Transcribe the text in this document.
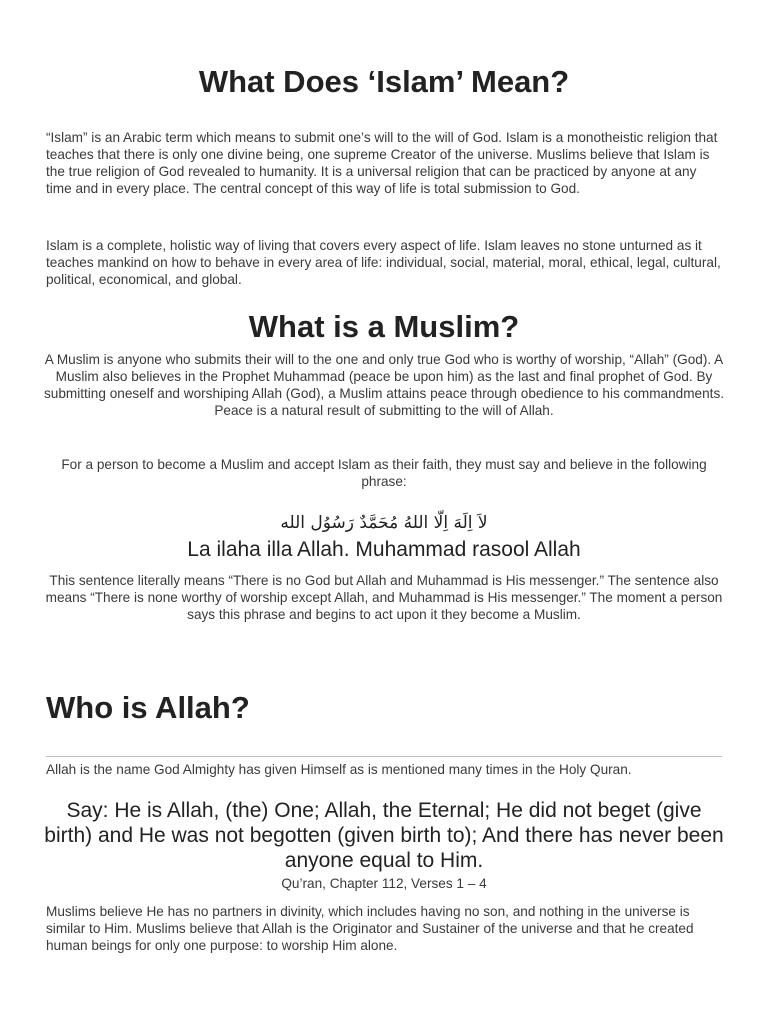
What Does ‘Islam’ Mean?

“Islam” is an Arabic term which means to submit one’s will to the will of God. Islam is a monotheistic religion that teaches that there is only one divine being, one supreme Creator of the universe. Muslims believe that Islam is the true religion of God revealed to humanity. It is a universal religion that can be practiced by anyone at any time and in every place. The central concept of this way of life is total submission to God.

Islam is a complete, holistic way of living that covers every aspect of life. Islam leaves no stone unturned as it teaches mankind on how to behave in every area of life: individual, social, material, moral, ethical, legal, cultural, political, economical, and global.

What is a Muslim?

A Muslim is anyone who submits their will to the one and only true God who is worthy of worship, “Allah” (God). A Muslim also believes in the Prophet Muhammad (peace be upon him) as the last and final prophet of God. By submitting oneself and worshiping Allah (God), a Muslim attains peace through obedience to his commandments. Peace is a natural result of submitting to the will of Allah.

For a person to become a Muslim and accept Islam as their faith, they must say and believe in the following phrase:

لاَ اِلَهَ اِلّا اللهُ مُحَمَّدٌ رَسُوُل الله
La ilaha illa Allah. Muhammad rasool Allah

This sentence literally means “There is no God but Allah and Muhammad is His messenger.” The sentence also means “There is none worthy of worship except Allah, and Muhammad is His messenger.” The moment a person says this phrase and begins to act upon it they become a Muslim.

Who is Allah?

Allah is the name God Almighty has given Himself as is mentioned many times in the Holy Quran.

Say: He is Allah, (the) One; Allah, the Eternal; He did not beget (give birth) and He was not begotten (given birth to); And there has never been anyone equal to Him.

Qu’ran, Chapter 112, Verses 1 – 4

Muslims believe He has no partners in divinity, which includes having no son, and nothing in the universe is similar to Him. Muslims believe that Allah is the Originator and Sustainer of the universe and that he created human beings for only one purpose: to worship Him alone.
